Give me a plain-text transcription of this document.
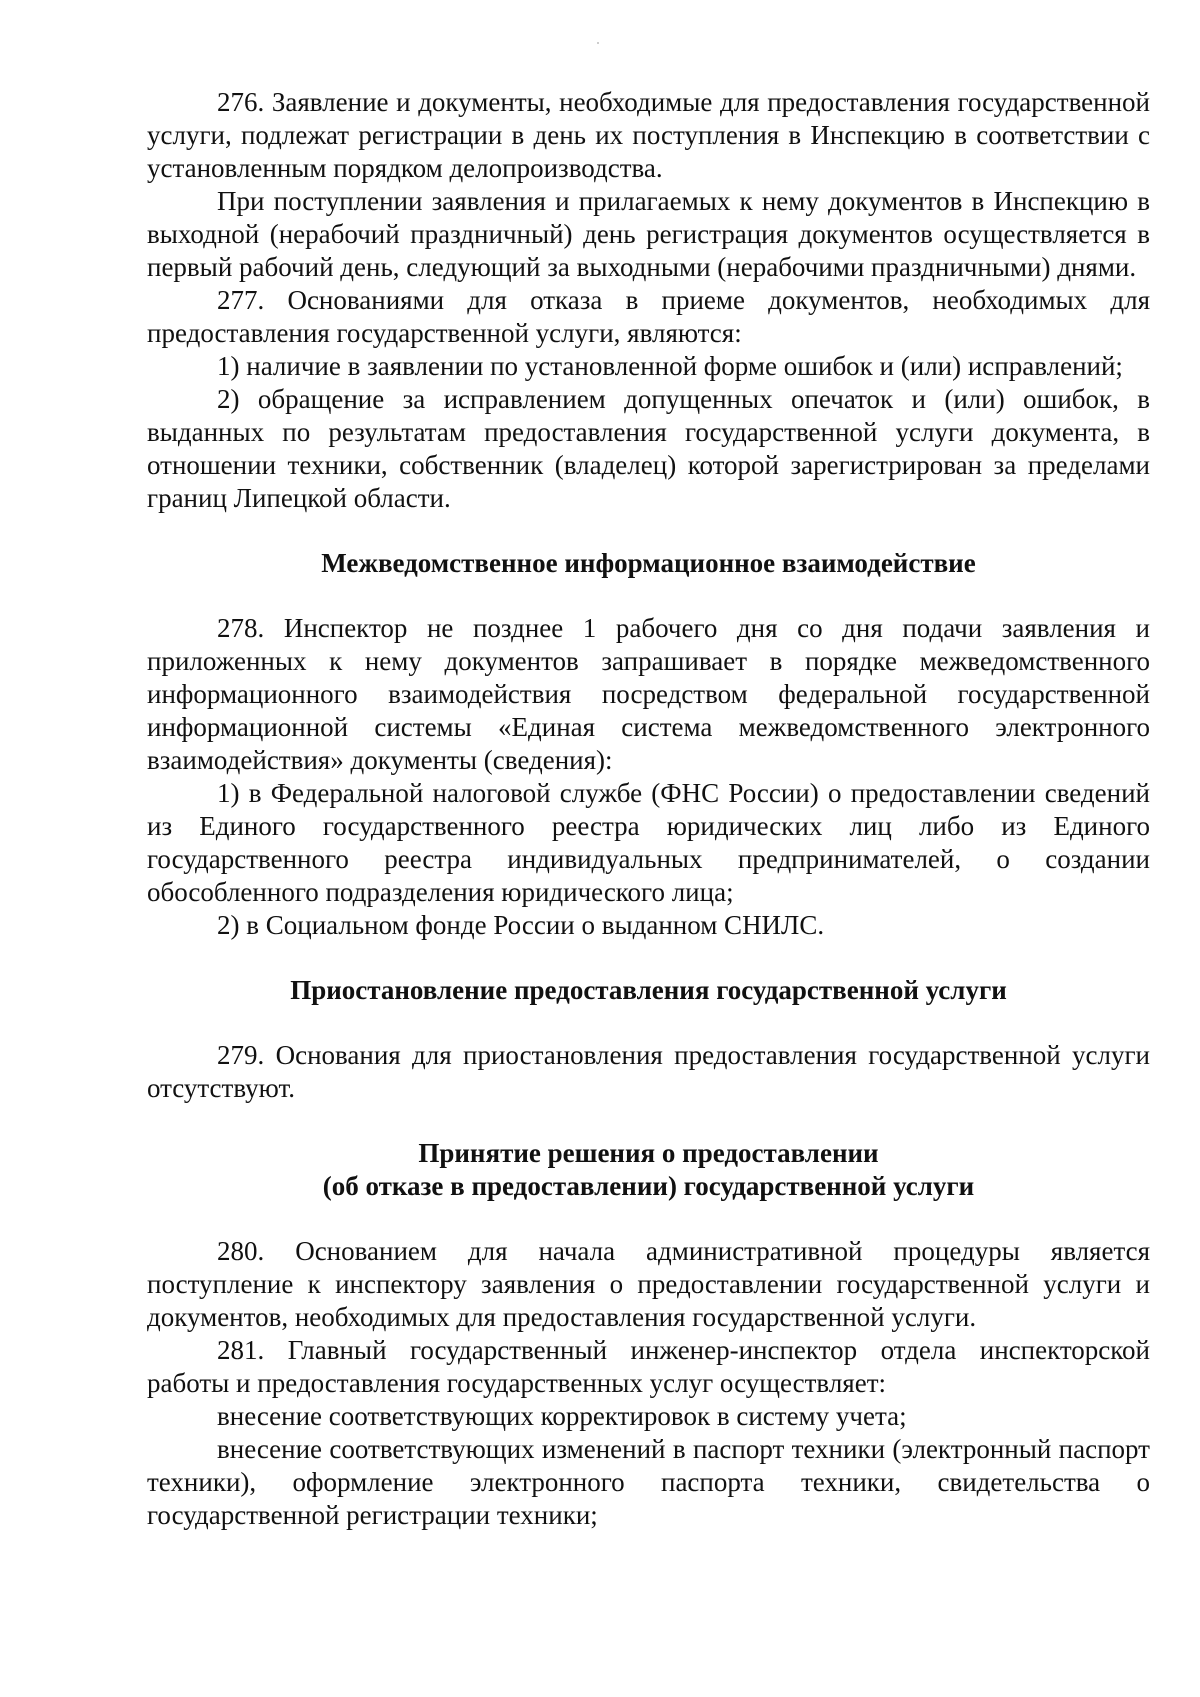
276. Заявление и документы, необходимые для предоставления государственной услуги, подлежат регистрации в день их поступления в Инспекцию в соответствии с установленным порядком делопроизводства.

При поступлении заявления и прилагаемых к нему документов в Инспекцию в выходной (нерабочий праздничный) день регистрация документов осуществляется в первый рабочий день, следующий за выходными (нерабочими праздничными) днями.

277. Основаниями для отказа в приеме документов, необходимых для предоставления государственной услуги, являются:

1) наличие в заявлении по установленной форме ошибок и (или) исправлений;

2) обращение за исправлением допущенных опечаток и (или) ошибок, в выданных по результатам предоставления государственной услуги документа, в отношении техники, собственник (владелец) которой зарегистрирован за пределами границ Липецкой области.

Межведомственное информационное взаимодействие

278. Инспектор не позднее 1 рабочего дня со дня подачи заявления и приложенных к нему документов запрашивает в порядке межведомственного информационного взаимодействия посредством федеральной государственной информационной системы «Единая система межведомственного электронного взаимодействия» документы (сведения):

1) в Федеральной налоговой службе (ФНС России) о предоставлении сведений из Единого государственного реестра юридических лиц либо из Единого государственного реестра индивидуальных предпринимателей, о создании обособленного подразделения юридического лица;

2) в Социальном фонде России о выданном СНИЛС.

Приостановление предоставления государственной услуги

279. Основания для приостановления предоставления государственной услуги отсутствуют.

Принятие решения о предоставлении
(об отказе в предоставлении) государственной услуги

280. Основанием для начала административной процедуры является поступление к инспектору заявления о предоставлении государственной услуги и документов, необходимых для предоставления государственной услуги.

281. Главный государственный инженер-инспектор отдела инспекторской работы и предоставления государственных услуг осуществляет:

внесение соответствующих корректировок в систему учета;

внесение соответствующих изменений в паспорт техники (электронный паспорт техники), оформление электронного паспорта техники, свидетельства о государственной регистрации техники;
